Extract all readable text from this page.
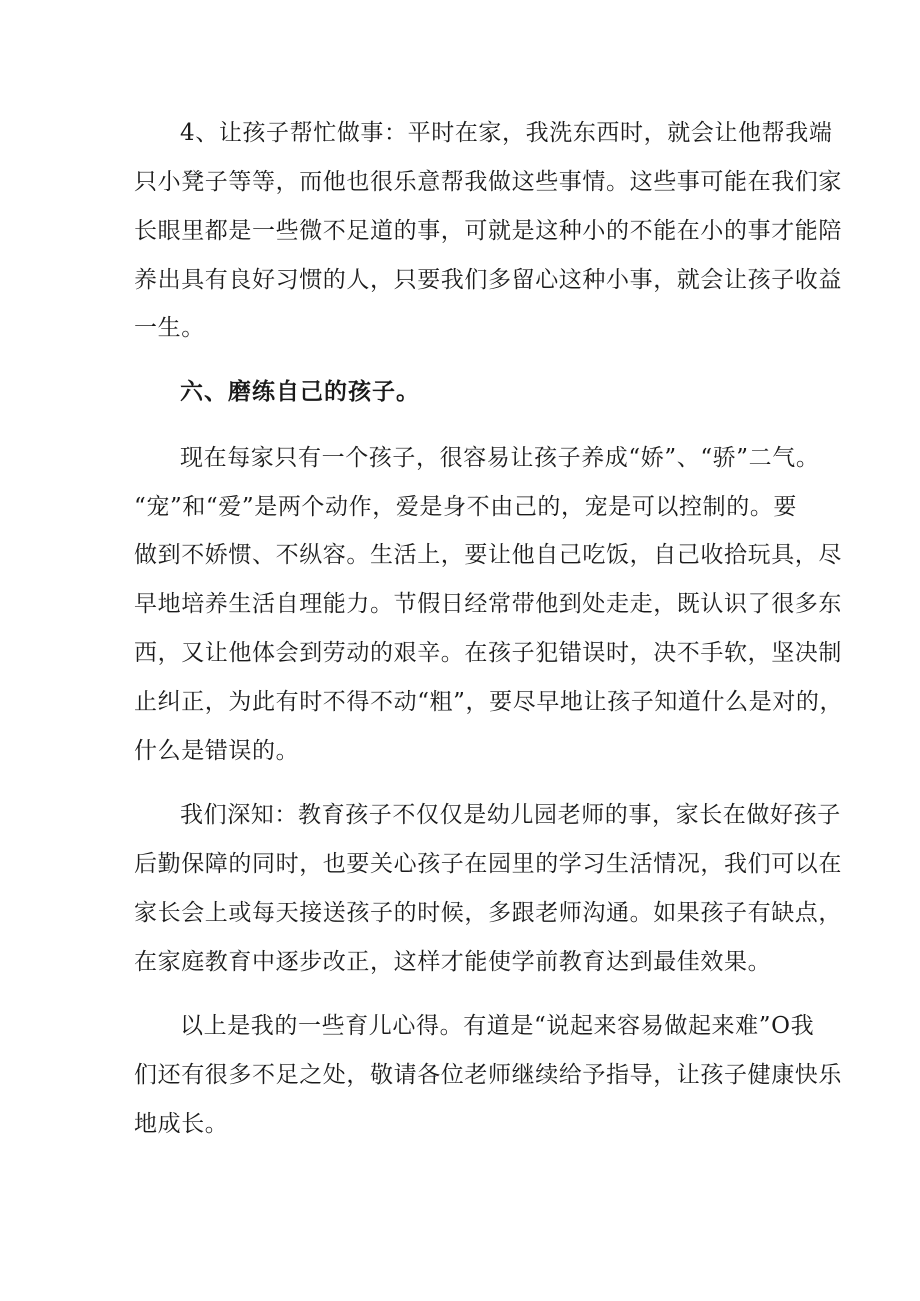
4、让孩子帮忙做事：平时在家，我洗东西时，就会让他帮我端
只小凳子等等，而他也很乐意帮我做这些事情。这些事可能在我们家
长眼里都是一些微不足道的事，可就是这种小的不能在小的事才能陪
养出具有良好习惯的人，只要我们多留心这种小事，就会让孩子收益
一生。
六、磨练自己的孩子。
现在每家只有一个孩子，很容易让孩子养成“娇”、“骄”二气。
“宠”和“爱”是两个动作，爱是身不由己的，宠是可以控制的。要
做到不娇惯、不纵容。生活上，要让他自己吃饭，自己收拾玩具，尽
早地培养生活自理能力。节假日经常带他到处走走，既认识了很多东
西，又让他体会到劳动的艰辛。在孩子犯错误时，决不手软，坚决制
止纠正，为此有时不得不动“粗”，要尽早地让孩子知道什么是对的，
什么是错误的。
我们深知：教育孩子不仅仅是幼儿园老师的事，家长在做好孩子
后勤保障的同时，也要关心孩子在园里的学习生活情况，我们可以在
家长会上或每天接送孩子的时候，多跟老师沟通。如果孩子有缺点，
在家庭教育中逐步改正，这样才能使学前教育达到最佳效果。
以上是我的一些育儿心得。有道是“说起来容易做起来难”O我
们还有很多不足之处，敬请各位老师继续给予指导，让孩子健康快乐
地成长。
